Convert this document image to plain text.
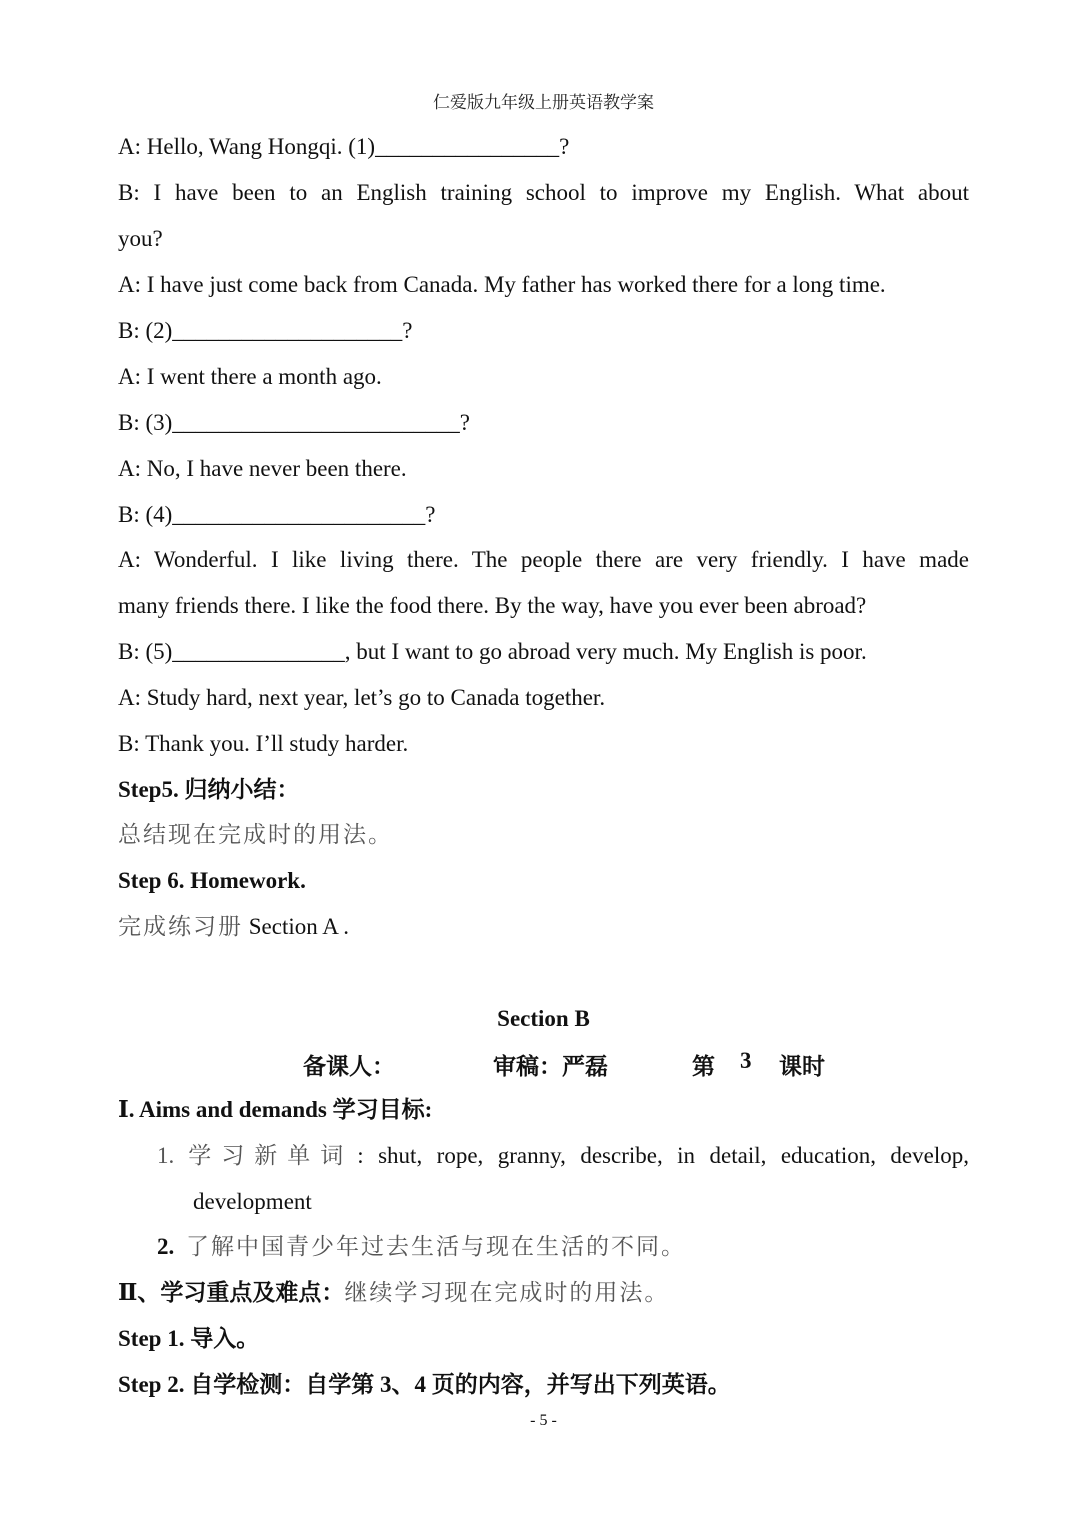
仁爱版九年级上册英语教学案
A: Hello, Wang Hongqi. (1)________________?
B: I have been to an English training school to improve my English. What about
you?
A: I have just come back from Canada. My father has worked there for a long time.
B: (2)____________________?
A: I went there a month ago.
B: (3)_________________________?
A: No, I have never been there.
B: (4)______________________?
A: Wonderful. I like living there. The people there are very friendly. I have made
many friends there. I like the food there. By the way, have you ever been abroad?
B: (5)_______________, but I want to go abroad very much. My English is poor.
A: Study hard, next year, let’s go to Canada together.
B: Thank you. I’ll study harder.
Step5. 归纳小结：
总结现在完成时的用法。
Step 6. Homework.
完成练习册 Section A .
Section B
备课人：	审稿：严磊	第 3 课时
Ⅰ. Aims and demands 学习目标:
1. 学习新单词 : shut, rope, granny, describe, in detail, education, develop,
development
2. 了解中国青少年过去生活与现在生活的不同。
Ⅱ、学习重点及难点：继续学习现在完成时的用法。
Step 1. 导入。
Step 2. 自学检测：自学第 3、4 页的内容，并写出下列英语。
- 5 -
